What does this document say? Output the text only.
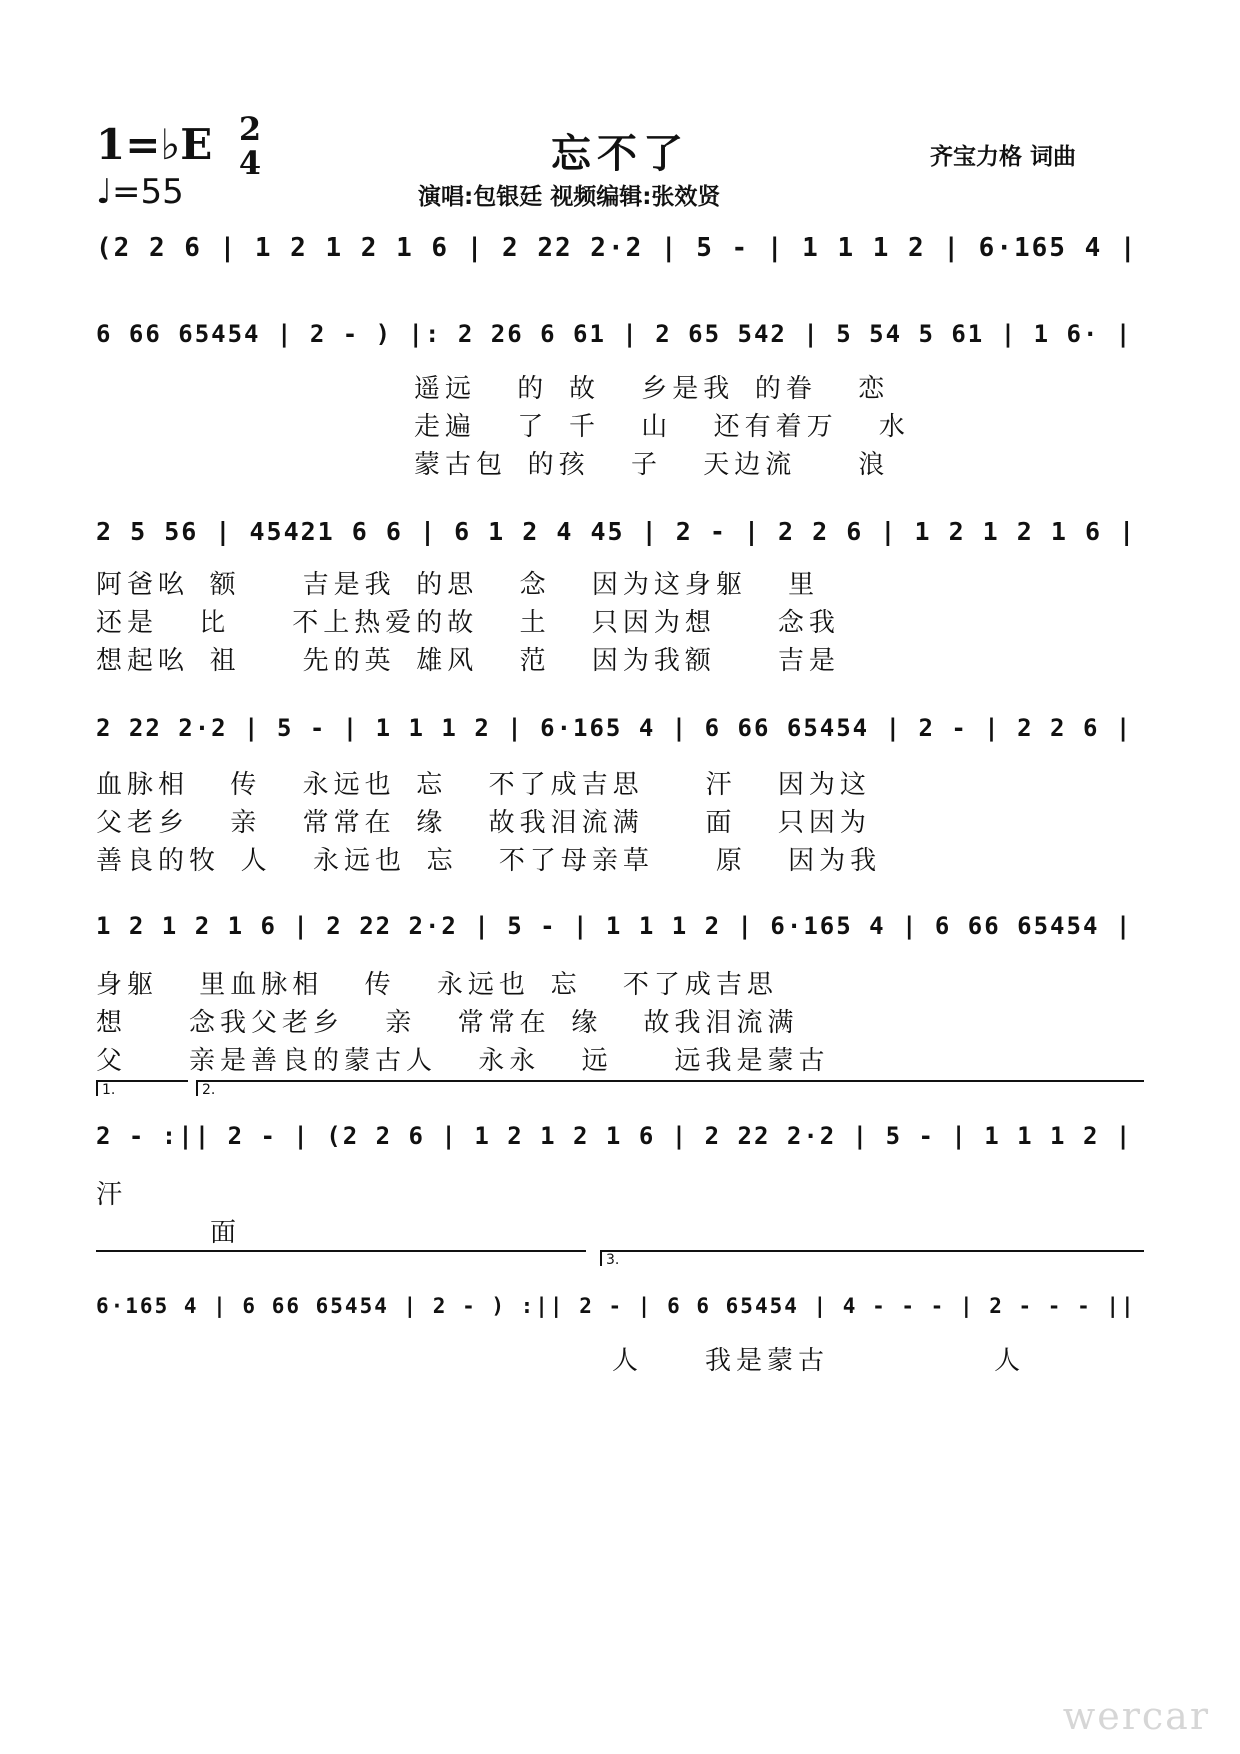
1=♭E
♩=55
2
4	忘不了
演唱:包银廷 视频编辑:张效贤
齐宝力格 词曲
(2 2 6 | 1 2 1 2 1 6 | 2 22 2·2 | 5 - | 1 1 1 2 | 6·165 4 |
6 66 65454 | 2 - ) |: 2 26 6 61 | 2 65 542 | 5 54 5 61 | 1 6· |
遥远  的 故  乡是我 的眷  恋
走遍  了 千  山  还有着万  水
蒙古包 的孩  子  天边流   浪
2 5 56 | 45421 6 6 | 6 1 2 4 45 | 2 - | 2 2 6 | 1 2 1 2 1 6 |
阿爸吆 额   吉是我 的思  念  因为这身躯  里
还是  比   不上热爱的故  土  只因为想   念我
想起吆 祖   先的英 雄风  范  因为我额   吉是
2 22 2·2 | 5 - | 1 1 1 2 | 6·165 4 | 6 66 65454 | 2 - | 2 2 6 |
血脉相  传  永远也 忘  不了成吉思   汗  因为这
父老乡  亲  常常在 缘  故我泪流满   面  只因为
善良的牧 人  永远也 忘  不了母亲草   原  因为我
1 2 1 2 1 6 | 2 22 2·2 | 5 - | 1 1 1 2 | 6·165 4 | 6 66 65454 |
身躯  里血脉相  传  永远也 忘  不了成吉思
想   念我父老乡  亲  常常在 缘  故我泪流满
父   亲是善良的蒙古人  永永  远   远我是蒙古
1.	2.
2 - :|| 2 - | (2 2 6 | 1 2 1 2 1 6 | 2 22 2·2 | 5 - | 1 1 1 2 |
汗
面
3.
6·165 4 | 6 66 65454 | 2 - ) :|| 2 - | 6 6 65454 | 4 - - - | 2 - - - ||
人   我是蒙古        人
wercar
